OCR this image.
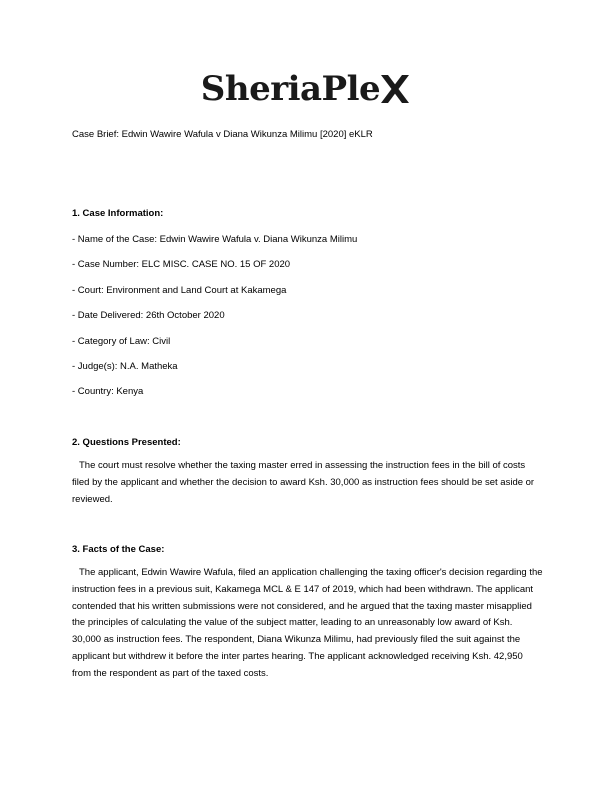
SheriaPle
Case Brief: Edwin Wawire Wafula v Diana Wikunza Milimu [2020] eKLR
1. Case Information:
- Name of the Case: Edwin Wawire Wafula v. Diana Wikunza Milimu
- Case Number: ELC MISC. CASE NO. 15 OF 2020
- Court: Environment and Land Court at Kakamega
- Date Delivered: 26th October 2020
- Category of Law: Civil
- Judge(s): N.A. Matheka
- Country: Kenya
2. Questions Presented:

The court must resolve whether the taxing master erred in assessing the instruction fees in the bill of costs filed by the applicant and whether the decision to award Ksh. 30,000 as instruction fees should be set aside or reviewed.

3. Facts of the Case:

The applicant, Edwin Wawire Wafula, filed an application challenging the taxing officer's decision regarding the instruction fees in a previous suit, Kakamega MCL & E 147 of 2019, which had been withdrawn. The applicant contended that his written submissions were not considered, and he argued that the taxing master misapplied the principles of calculating the value of the subject matter, leading to an unreasonably low award of Ksh. 30,000 as instruction fees. The respondent, Diana Wikunza Milimu, had previously filed the suit against the applicant but withdrew it before the inter partes hearing. The applicant acknowledged receiving Ksh. 42,950 from the respondent as part of the taxed costs.
